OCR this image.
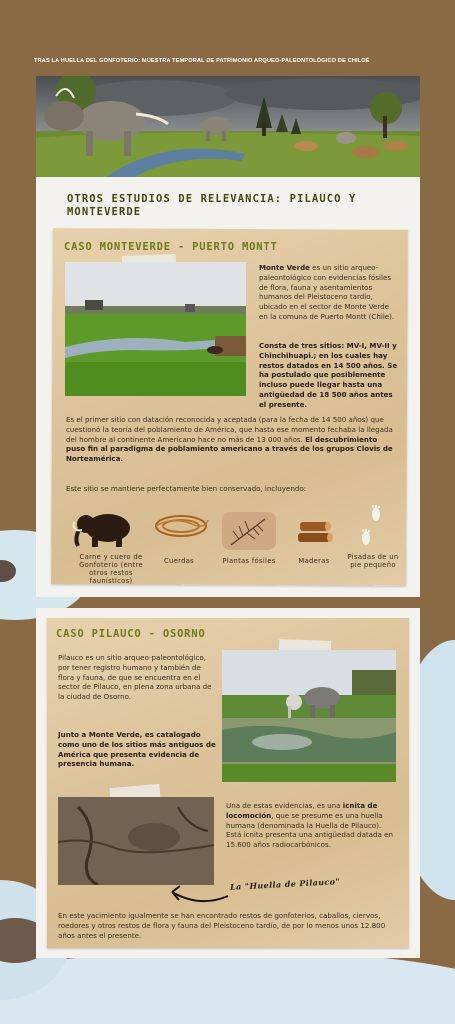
TRAS LA HUELLA DEL GONFOTERIO: MUESTRA TEMPORAL DE PATRIMONIO ARQUEO-PALEONTOLÓGICO DE CHILOÉ
OTROS ESTUDIOS DE RELEVANCIA: PILAUCO Y MONTEVERDE
CASO MONTEVERDE - PUERTO MONTT
Monte Verde es un sitio arqueo-paleontológico con evidencias fósiles de flora, fauna y asentamientos humanos del Pleistoceno tardío, ubicado en el sector de Monte Verde en la comuna de Puerto Montt (Chile).
Consta de tres sitios: MV-I, MV-II y Chinchihuapi.; en los cuales hay restos datados en 14 500 años. Se ha postulado que posiblemente incluso puede llegar hasta una antigüedad de 18 500 años antes el presente.
Es el primer sitio con datación reconocida y aceptada (para la fecha de 14 500 años) que cuestionó la teoría del poblamiento de América, que hasta ese momento fechaba la llegada del hombre al continente Americano hace no más de 13 000 años. El descubrimiento puso fin al paradigma de poblamiento americano a través de los grupos Clovis de Norteamérica.
Este sitio se mantiene perfectamente bien conservado, incluyendo:
Carne y cuero de Gonfoterio (entre otros restos faunísticos)
Cuerdas	Plantas fósiles	Maderas	Pisadas de un pie pequeño
CASO PILAUCO - OSORNO
Pilauco es un sitio arqueo-paleontológico, por tener registro humano y también de flora y fauna, de que se encuentra en el sector de Pilauco, en plena zona urbana de la ciudad de Osorno.
Junto a Monte Verde, es catalogado como uno de los sitios más antiguos de América que presenta evidencia de presencia humana.
Una de estas evidencias, es una icnita de locomoción, que se presume es una huella humana (denominada la Huella de Pilauco). Está icnita presenta una antigüedad datada en 15.600 años radiocarbónicos.
La "Huella de Pilauco"
En este yacimiento igualmente se han encontrado restos de gonfoterios, caballos, ciervos, roedores y otros restos de flora y fauna del Pleistoceno tardío, de por lo menos unos 12.800 años antes el presente.
